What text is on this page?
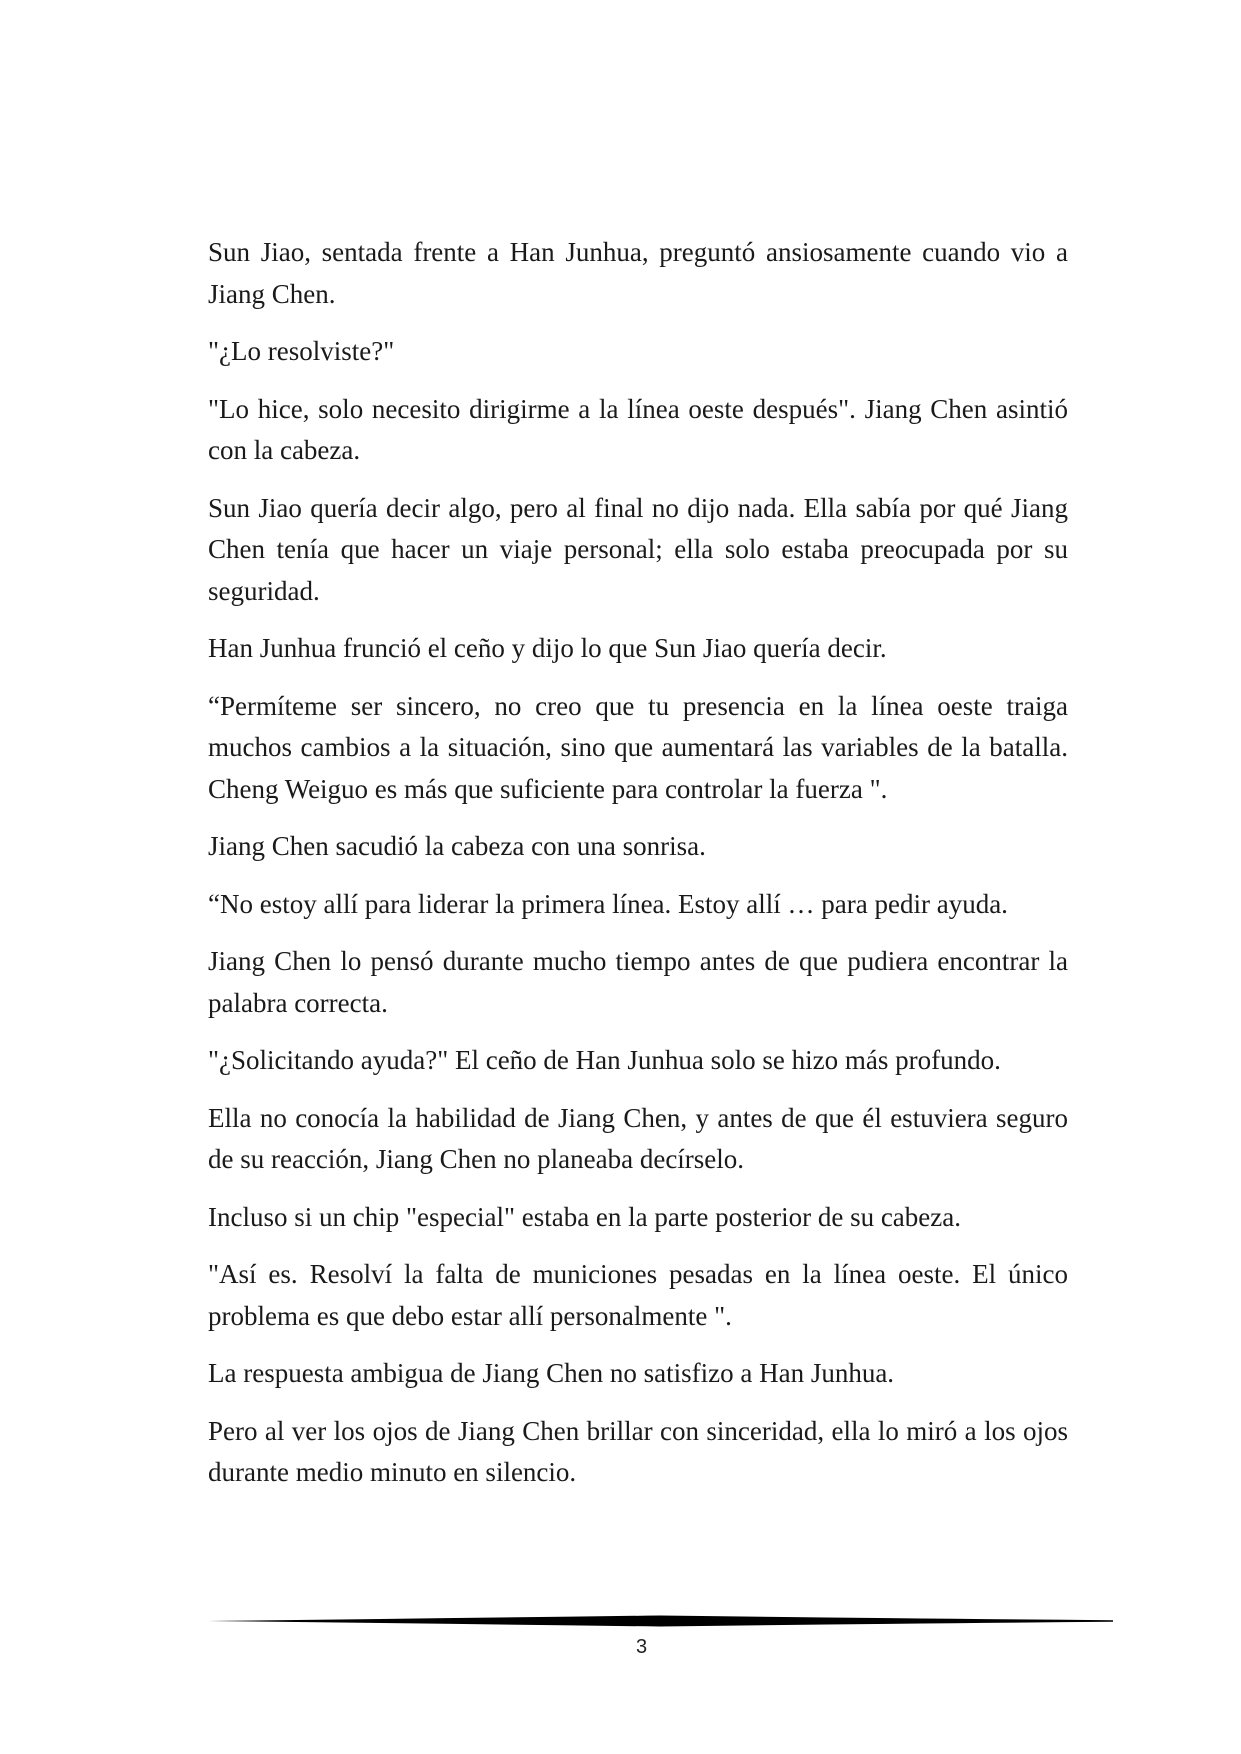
Sun Jiao, sentada frente a Han Junhua, preguntó ansiosamente cuando vio a Jiang Chen.

"¿Lo resolviste?"

"Lo hice, solo necesito dirigirme a la línea oeste después". Jiang Chen asintió con la cabeza.

Sun Jiao quería decir algo, pero al final no dijo nada. Ella sabía por qué Jiang Chen tenía que hacer un viaje personal; ella solo estaba preocupada por su seguridad.

Han Junhua frunció el ceño y dijo lo que Sun Jiao quería decir.

“Permíteme ser sincero, no creo que tu presencia en la línea oeste traiga muchos cambios a la situación, sino que aumentará las variables de la batalla. Cheng Weiguo es más que suficiente para controlar la fuerza ".

Jiang Chen sacudió la cabeza con una sonrisa.

“No estoy allí para liderar la primera línea. Estoy allí … para pedir ayuda.

Jiang Chen lo pensó durante mucho tiempo antes de que pudiera encontrar la palabra correcta.

"¿Solicitando ayuda?" El ceño de Han Junhua solo se hizo más profundo.

Ella no conocía la habilidad de Jiang Chen, y antes de que él estuviera seguro de su reacción, Jiang Chen no planeaba decírselo.

Incluso si un chip "especial" estaba en la parte posterior de su cabeza.

"Así es. Resolví la falta de municiones pesadas en la línea oeste. El único problema es que debo estar allí personalmente ".

La respuesta ambigua de Jiang Chen no satisfizo a Han Junhua.

Pero al ver los ojos de Jiang Chen brillar con sinceridad, ella lo miró a los ojos durante medio minuto en silencio.

3
